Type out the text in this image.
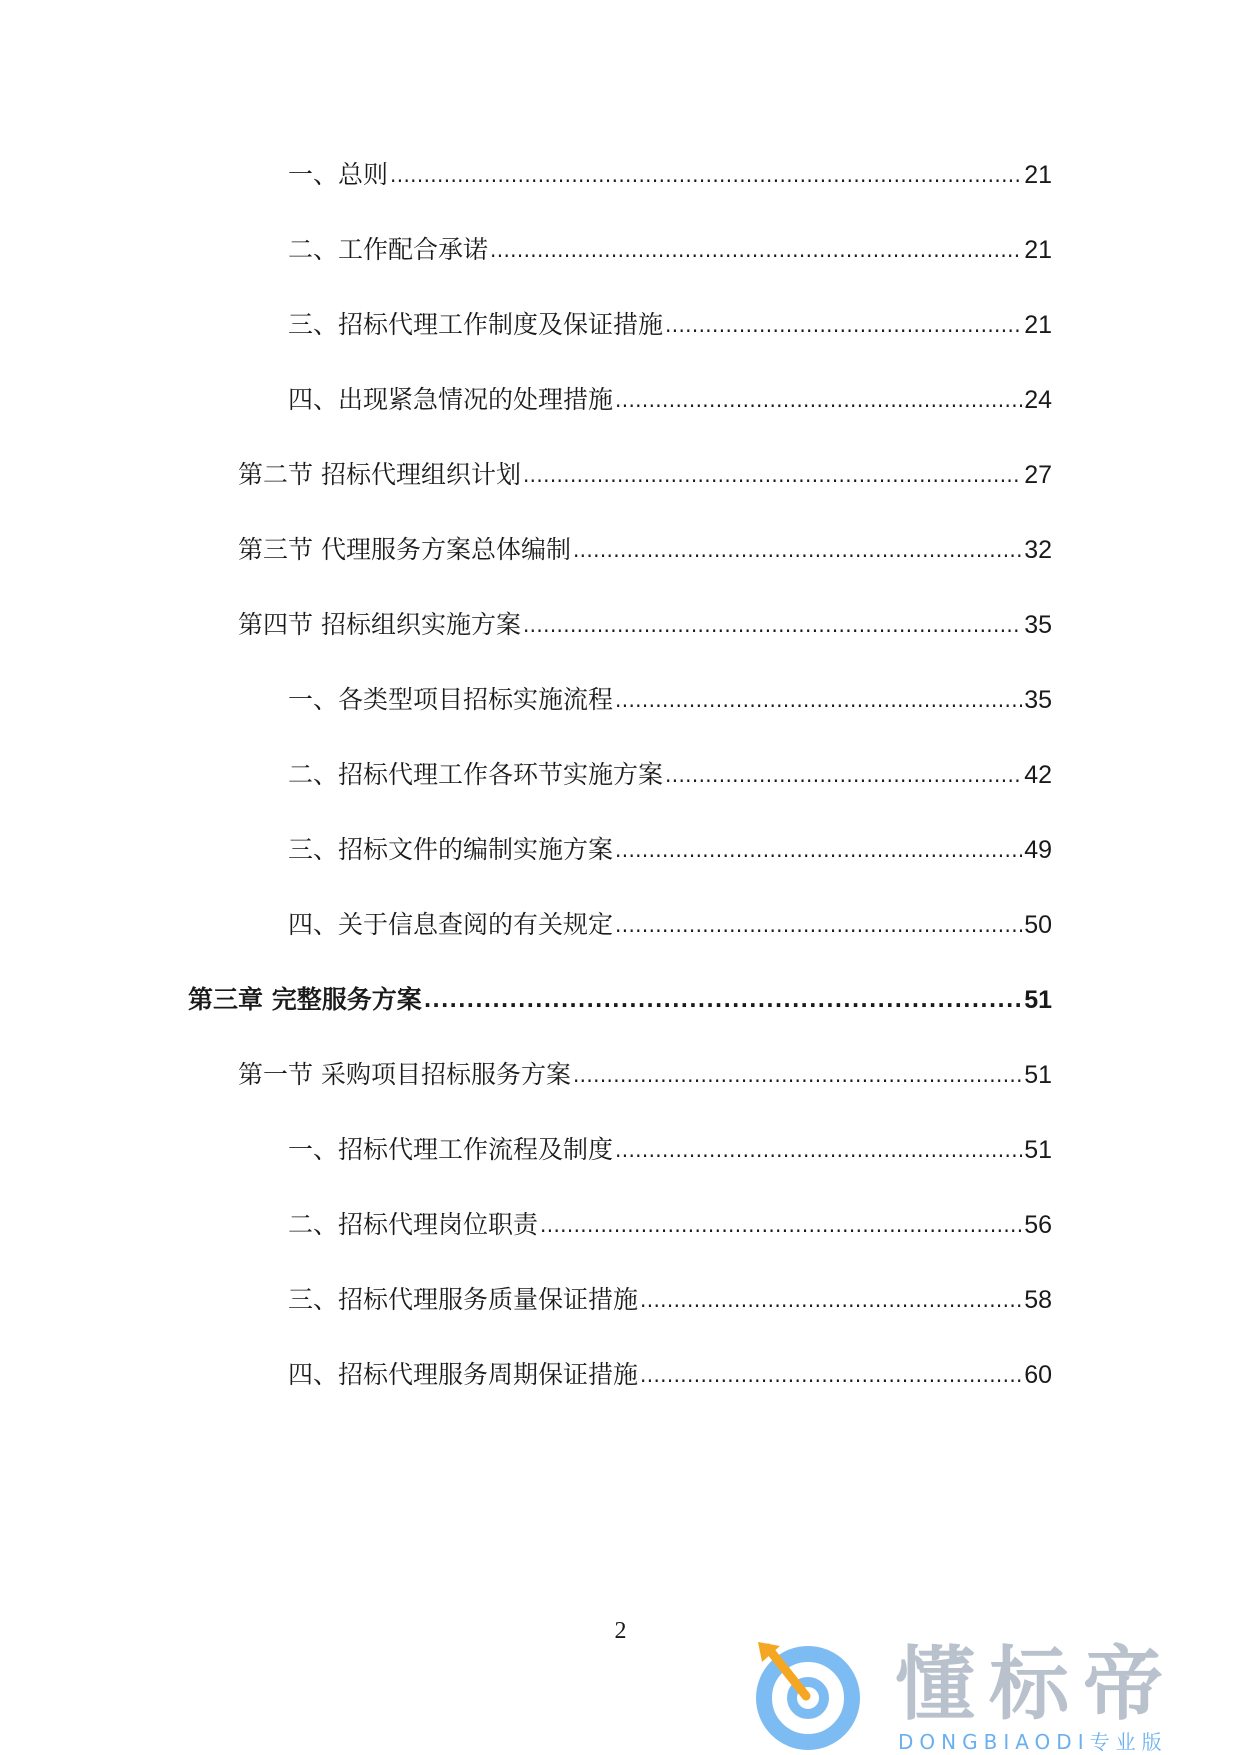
一、总则 . . .	21
二、工作配合承诺 . . .	21
三、招标代理工作制度及保证措施 . . .	21
四、出现紧急情况的处理措施 . . .	24
第二节 招标代理组织计划 . . .	27
第三节 代理服务方案总体编制 . . .	32
第四节 招标组织实施方案 . . .	35
一、各类型项目招标实施流程 . . .	35
二、招标代理工作各环节实施方案 . . .	42
三、招标文件的编制实施方案 . . .	49
四、关于信息查阅的有关规定 . . .	50
第三章 完整服务方案 . . .	51
第一节 采购项目招标服务方案 . . .	51
一、招标代理工作流程及制度 . . .	51
二、招标代理岗位职责 . . .	56
三、招标代理服务质量保证措施 . . .	58
四、招标代理服务周期保证措施 . . .	60
2
懂标帝
DONGBIAODI专业版
